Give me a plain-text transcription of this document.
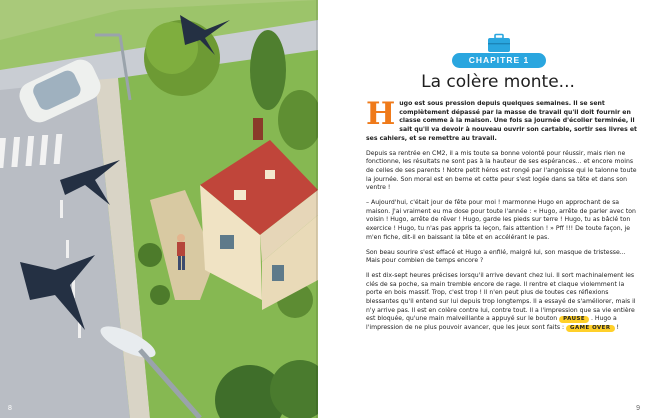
8
CHAPITRE 1
La colère monte...

Hugo est sous pression depuis quelques semaines. Il se sent complètement dépassé par la masse de travail qu'il doit fournir en classe comme à la maison. Une fois sa journée d'écolier terminée, il sait qu'il va devoir à nouveau ouvrir son cartable, sortir ses livres et ses cahiers, et se remettre au travail.

Depuis sa rentrée en CM2, il a mis toute sa bonne volonté pour réussir, mais rien ne fonctionne, les résultats ne sont pas à la hauteur de ses espérances... et encore moins de celles de ses parents ! Notre petit héros est rongé par l'angoisse qui le talonne toute la journée. Son moral est en berne et cette peur s'est logée dans sa tête et dans son ventre !

– Aujourd'hui, c'était jour de fête pour moi ! marmonne Hugo en approchant de sa maison. J'ai vraiment eu ma dose pour toute l'année : « Hugo, arrête de parler avec ton voisin ! Hugo, arrête de rêver ! Hugo, garde les pieds sur terre ! Hugo, tu as bâclé ton exercice ! Hugo, tu n'as pas appris ta leçon, fais attention ! » Pff !!! De toute façon, je m'en fiche, dit-il en baissant la tête et en accélérant le pas.

Son beau sourire s'est effacé et Hugo a enfilé, malgré lui, son masque de tristesse... Mais pour combien de temps encore ?

Il est dix-sept heures précises lorsqu'il arrive devant chez lui. Il sort machinalement les clés de sa poche, sa main tremble encore de rage. Il rentre et claque violemment la porte en bois massif. Trop, c'est trop ! Il n'en peut plus de toutes ces réflexions blessantes qu'il entend sur lui depuis trop longtemps. Il a essayé de s'améliorer, mais il n'y arrive pas. Il est en colère contre lui, contre tout. Il a l'impression que sa vie entière est bloquée, qu'une main malveillante a appuyé sur le bouton PAUSE . Hugo a l'impression de ne plus pouvoir avancer, que les jeux sont faits : GAME OVER !

9
